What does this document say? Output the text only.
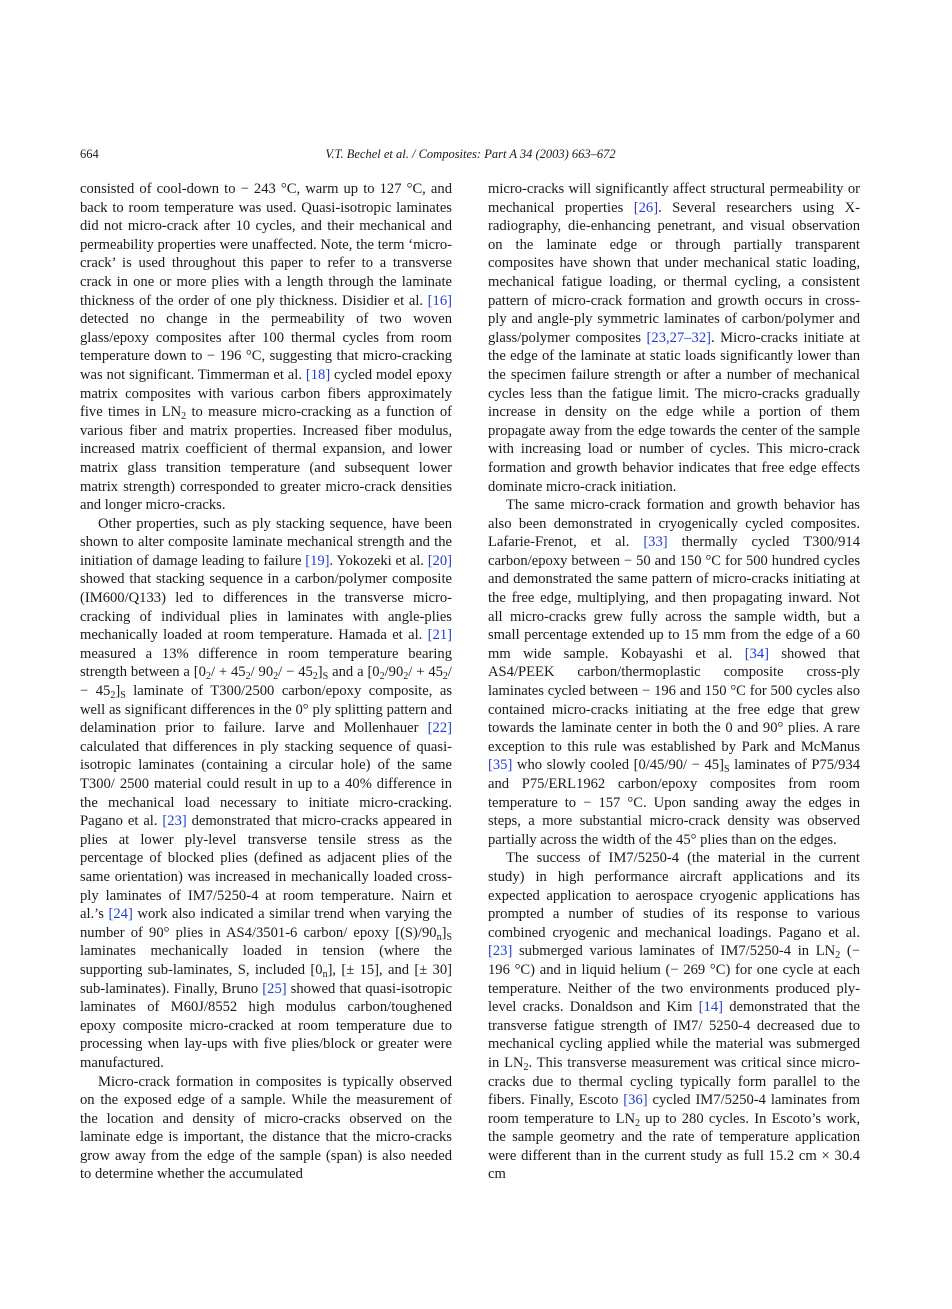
664	V.T. Bechel et al. / Composites: Part A 34 (2003) 663–672

consisted of cool-down to − 243 °C, warm up to 127 °C, and back to room temperature was used. Quasi-isotropic laminates did not micro-crack after 10 cycles, and their mechanical and permeability properties were unaffected. Note, the term ‘micro-crack’ is used throughout this paper to refer to a transverse crack in one or more plies with a length through the laminate thickness of the order of one ply thickness. Disidier et al. [16] detected no change in the permeability of two woven glass/epoxy composites after 100 thermal cycles from room temperature down to − 196 °C, suggesting that micro-cracking was not significant. Timmerman et al. [18] cycled model epoxy matrix composites with various carbon fibers approximately five times in $LN_2$ to measure micro-cracking as a function of various fiber and matrix properties. Increased fiber modulus, increased matrix coefficient of thermal expansion, and lower matrix glass transition temperature (and subsequent lower matrix strength) corresponded to greater micro-crack densities and longer micro-cracks.

Other properties, such as ply stacking sequence, have been shown to alter composite laminate mechanical strength and the initiation of damage leading to failure [19]. Yokozeki et al. [20] showed that stacking sequence in a carbon/polymer composite (IM600/Q133) led to differences in the transverse micro-cracking of individual plies in laminates with angle-plies mechanically loaded at room temperature. Hamada et al. [21] measured a 13% difference in room temperature bearing strength between a [$0_2/ + 45_2/$ $90_2/ - 45_2]_S$ and a $[0_2/90_2/ + 45_2/ - 45_2]_S$ laminate of T300/2500 carbon/epoxy composite, as well as significant differences in the 0° ply splitting pattern and delamination prior to failure. Iarve and Mollenhauer [22] calculated that differences in ply stacking sequence of quasi-isotropic laminates (containing a circular hole) of the same T300/ 2500 material could result in up to a 40% difference in the mechanical load necessary to initiate micro-cracking. Pagano et al. [23] demonstrated that micro-cracks appeared in plies at lower ply-level transverse tensile stress as the percentage of blocked plies (defined as adjacent plies of the same orientation) was increased in mechanically loaded cross-ply laminates of IM7/5250-4 at room temperature. Nairn et al.’s [24] work also indicated a similar trend when varying the number of 90° plies in AS4/3501-6 carbon/ epoxy $[(S)/90_n]_S$ laminates mechanically loaded in tension (where the supporting sub-laminates, S, included $[0_n]$, [± 15], and [± 30] sub-laminates). Finally, Bruno [25] showed that quasi-isotropic laminates of M60J/8552 high modulus carbon/toughened epoxy composite micro-cracked at room temperature due to processing when lay-ups with five plies/block or greater were manufactured.

Micro-crack formation in composites is typically observed on the exposed edge of a sample. While the measurement of the location and density of micro-cracks observed on the laminate edge is important, the distance that the micro-cracks grow away from the edge of the sample (span) is also needed to determine whether the accumulated

micro-cracks will significantly affect structural permeability or mechanical properties [26]. Several researchers using X-radiography, die-enhancing penetrant, and visual observation on the laminate edge or through partially transparent composites have shown that under mechanical static loading, mechanical fatigue loading, or thermal cycling, a consistent pattern of micro-crack formation and growth occurs in cross-ply and angle-ply symmetric laminates of carbon/polymer and glass/polymer composites [23,27–32]. Micro-cracks initiate at the edge of the laminate at static loads significantly lower than the specimen failure strength or after a number of mechanical cycles less than the fatigue limit. The micro-cracks gradually increase in density on the edge while a portion of them propagate away from the edge towards the center of the sample with increasing load or number of cycles. This micro-crack formation and growth behavior indicates that free edge effects dominate micro-crack initiation.

The same micro-crack formation and growth behavior has also been demonstrated in cryogenically cycled composites. Lafarie-Frenot, et al. [33] thermally cycled T300/914 carbon/epoxy between − 50 and 150 °C for 500 hundred cycles and demonstrated the same pattern of micro-cracks initiating at the free edge, multiplying, and then propagating inward. Not all micro-cracks grew fully across the sample width, but a small percentage extended up to 15 mm from the edge of a 60 mm wide sample. Kobayashi et al. [34] showed that AS4/PEEK carbon/thermoplastic composite cross-ply laminates cycled between − 196 and 150 °C for 500 cycles also contained micro-cracks initiating at the free edge that grew towards the laminate center in both the 0 and 90° plies. A rare exception to this rule was established by Park and McManus [35] who slowly cooled $[0/45/90/ - 45]_S$ laminates of P75/934 and P75/ERL1962 carbon/epoxy composites from room temperature to − 157 °C. Upon sanding away the edges in steps, a more substantial micro-crack density was observed partially across the width of the 45° plies than on the edges.

The success of IM7/5250-4 (the material in the current study) in high performance aircraft applications and its expected application to aerospace cryogenic applications has prompted a number of studies of its response to various combined cryogenic and mechanical loadings. Pagano et al. [23] submerged various laminates of IM7/5250-4 in $LN_2$ (− 196 °C) and in liquid helium (− 269 °C) for one cycle at each temperature. Neither of the two environments produced ply-level cracks. Donaldson and Kim [14] demonstrated that the transverse fatigue strength of IM7/ 5250-4 decreased due to mechanical cycling applied while the material was submerged in $LN_2$. This transverse measurement was critical since micro-cracks due to thermal cycling typically form parallel to the fibers. Finally, Escoto [36] cycled IM7/5250-4 laminates from room temperature to $LN_2$ up to 280 cycles. In Escoto’s work, the sample geometry and the rate of temperature application were different than in the current study as full 15.2 cm × 30.4 cm
